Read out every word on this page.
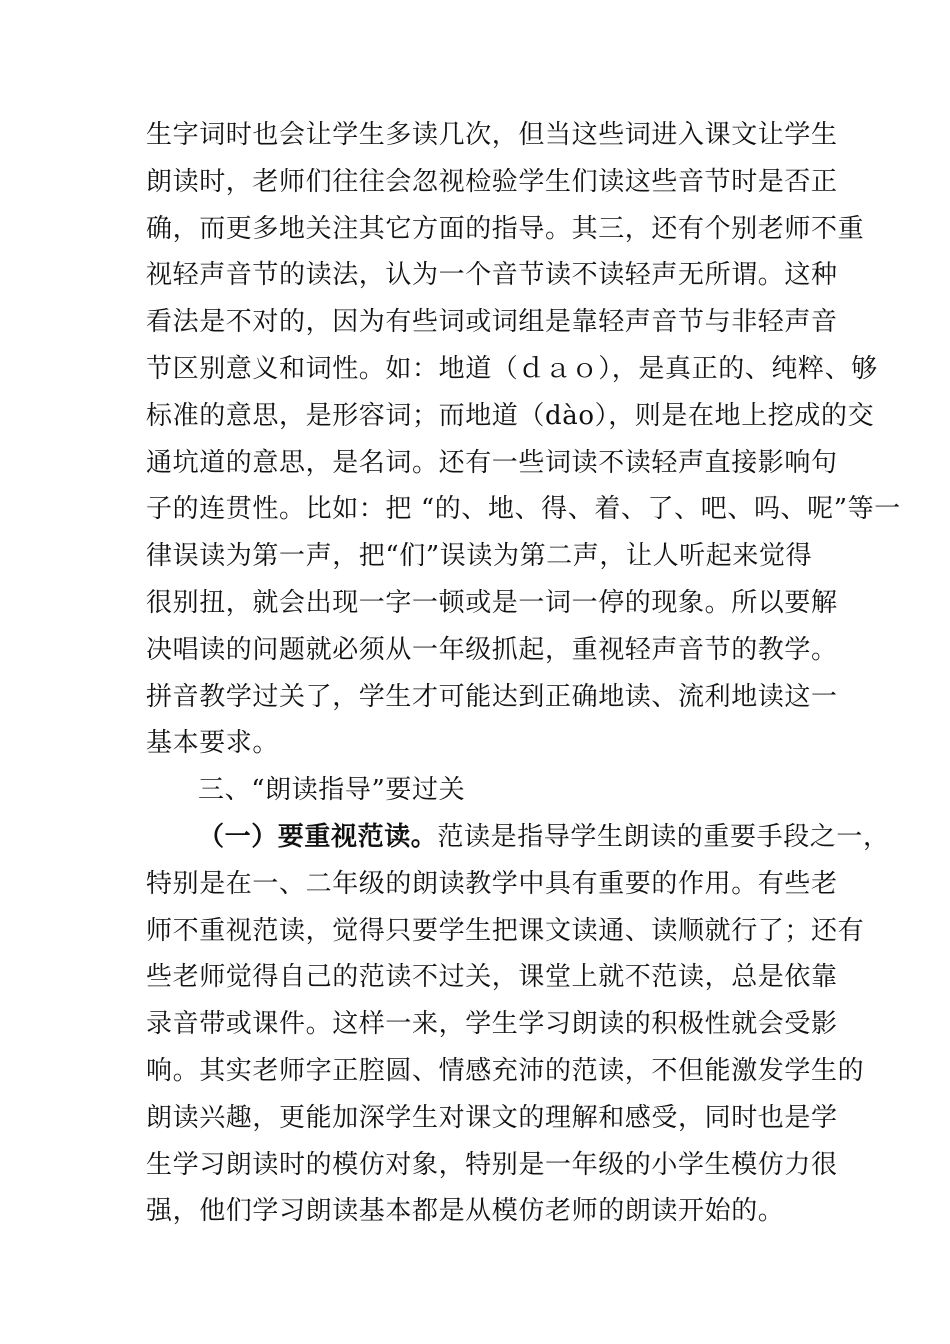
生字词时也会让学生多读几次，但当这些词进入课文让学生
朗读时，老师们往往会忽视检验学生们读这些音节时是否正
确，而更多地关注其它方面的指导。其三，还有个别老师不重
视轻声音节的读法，认为一个音节读不读轻声无所谓。这种
看法是不对的，因为有些词或词组是靠轻声音节与非轻声音
节区别意义和词性。如：地道（ｄａｏ），是真正的、纯粹、够
标准的意思，是形容词；而地道（dào），则是在地上挖成的交
通坑道的意思，是名词。还有一些词读不读轻声直接影响句
子的连贯性。比如：把 “的、地、得、着、了、吧、吗、呢”等一
律误读为第一声，把“们”误读为第二声，让人听起来觉得
很别扭，就会出现一字一顿或是一词一停的现象。所以要解
决唱读的问题就必须从一年级抓起，重视轻声音节的教学。
拼音教学过关了，学生才可能达到正确地读、流利地读这一
基本要求。
三、“朗读指导”要过关
（一）要重视范读。范读是指导学生朗读的重要手段之一，
特别是在一、二年级的朗读教学中具有重要的作用。有些老
师不重视范读，觉得只要学生把课文读通、读顺就行了；还有
些老师觉得自己的范读不过关，课堂上就不范读，总是依靠
录音带或课件。这样一来，学生学习朗读的积极性就会受影
响。其实老师字正腔圆、情感充沛的范读，不但能激发学生的
朗读兴趣，更能加深学生对课文的理解和感受，同时也是学
生学习朗读时的模仿对象，特别是一年级的小学生模仿力很
强，他们学习朗读基本都是从模仿老师的朗读开始的。
